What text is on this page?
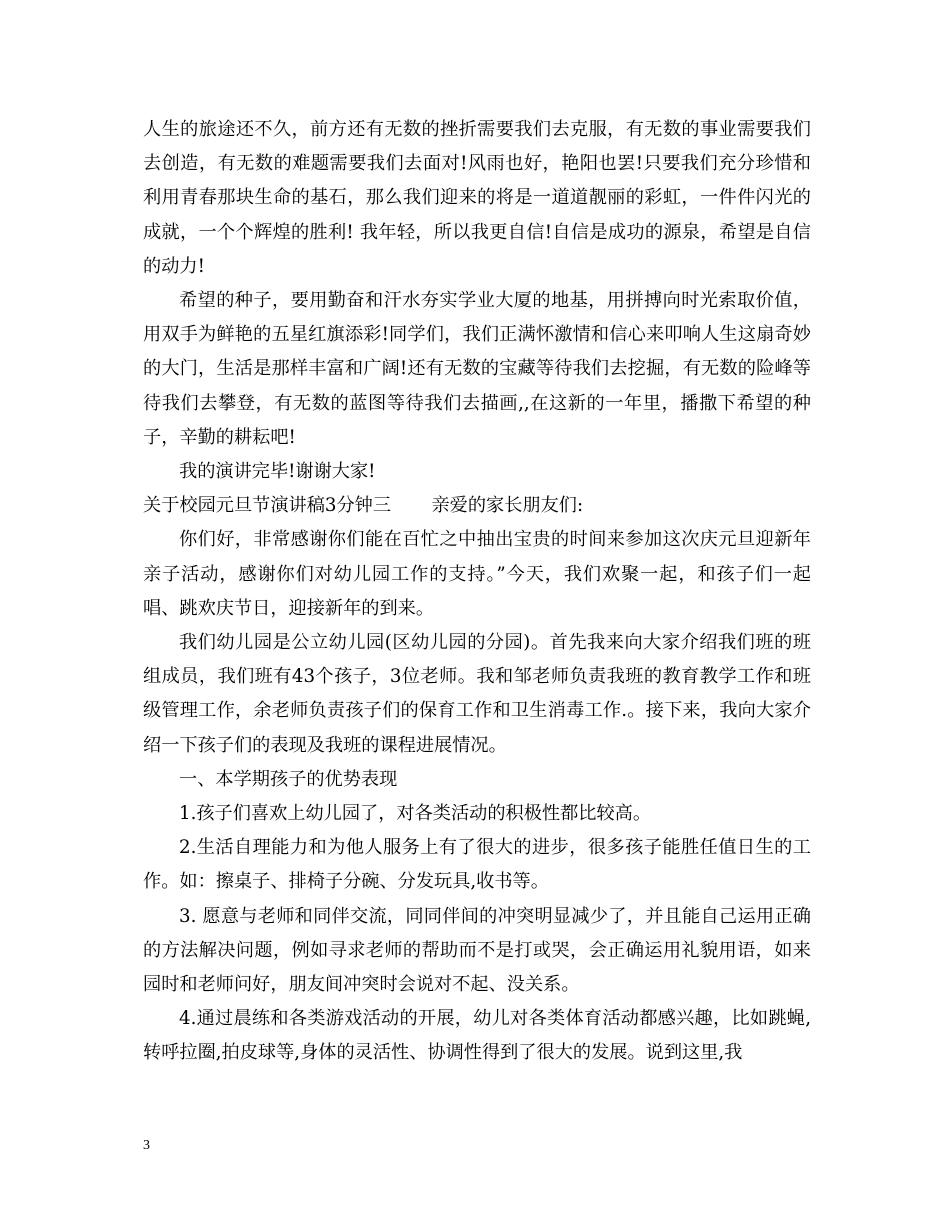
人生的旅途还不久，前方还有无数的挫折需要我们去克服，有无数的事业需要我们去创造，有无数的难题需要我们去面对!风雨也好，艳阳也罢!只要我们充分珍惜和利用青春那块生命的基石，那么我们迎来的将是一道道靓丽的彩虹，一件件闪光的成就，一个个辉煌的胜利! 我年轻，所以我更自信!自信是成功的源泉，希望是自信的动力!

希望的种子，要用勤奋和汗水夯实学业大厦的地基，用拼搏向时光索取价值，用双手为鲜艳的五星红旗添彩!同学们，我们正满怀激情和信心来叩响人生这扇奇妙的大门，生活是那样丰富和广阔!还有无数的宝藏等待我们去挖掘，有无数的险峰等待我们去攀登，有无数的蓝图等待我们去描画,,在这新的一年里，播撒下希望的种子，辛勤的耕耘吧!

我的演讲完毕!谢谢大家!

关于校园元旦节演讲稿3分钟三       亲爱的家长朋友们:

你们好，非常感谢你们能在百忙之中抽出宝贵的时间来参加这次庆元旦迎新年亲子活动，感谢你们对幼儿园工作的支持。”今天，我们欢聚一起，和孩子们一起唱、跳欢庆节日，迎接新年的到来。

我们幼儿园是公立幼儿园(区幼儿园的分园)。首先我来向大家介绍我们班的班组成员，我们班有43个孩子，3位老师。我和邹老师负责我班的教育教学工作和班级管理工作，余老师负责孩子们的保育工作和卫生消毒工作.。接下来，我向大家介绍一下孩子们的表现及我班的课程进展情况。

一、本学期孩子的优势表现

1.孩子们喜欢上幼儿园了，对各类活动的积极性都比较高。

2.生活自理能力和为他人服务上有了很大的进步，很多孩子能胜任值日生的工作。如：擦桌子、排椅子分碗、分发玩具,收书等。

3. 愿意与老师和同伴交流，同同伴间的冲突明显减少了，并且能自己运用正确的方法解决问题，例如寻求老师的帮助而不是打或哭，会正确运用礼貌用语，如来园时和老师问好，朋友间冲突时会说对不起、没关系。

4.通过晨练和各类游戏活动的开展，幼儿对各类体育活动都感兴趣，比如跳蝇,转呼拉圈,拍皮球等,身体的灵活性、协调性得到了很大的发展。说到这里,我

3
